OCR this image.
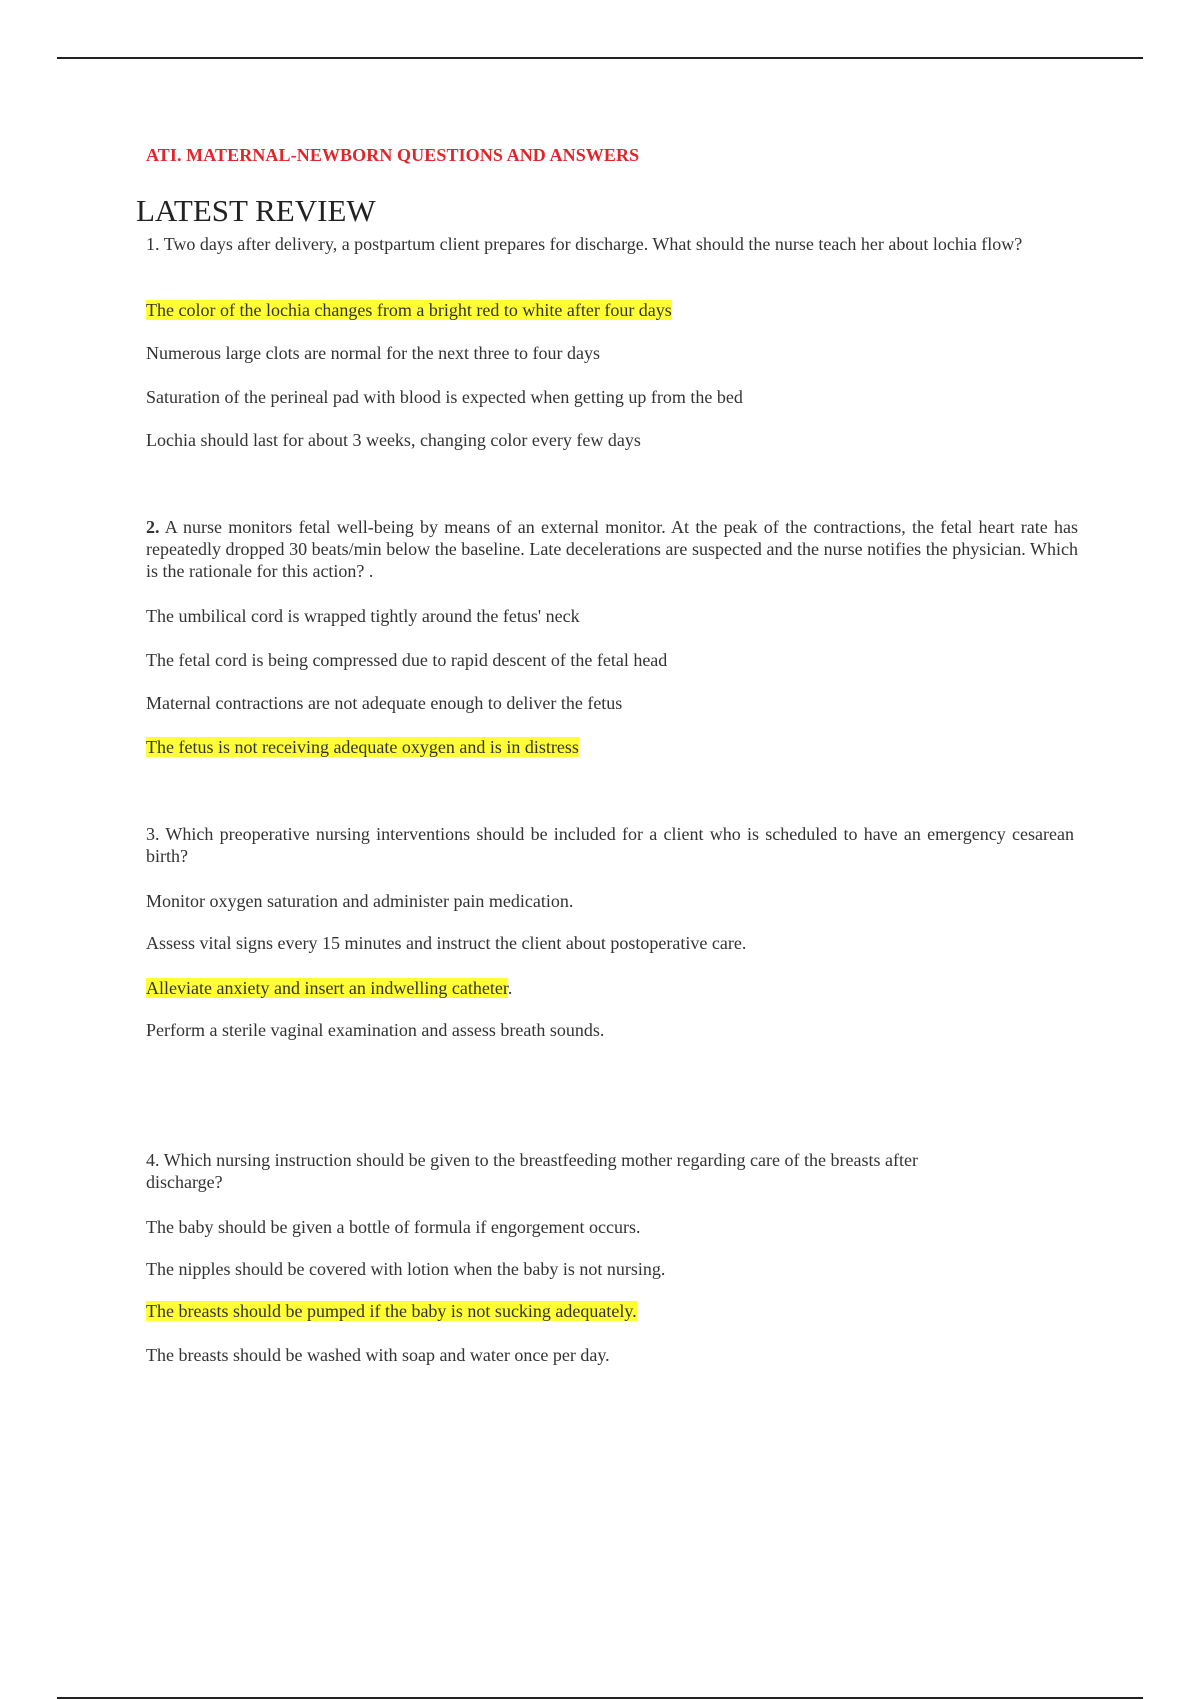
ATI. MATERNAL-NEWBORN QUESTIONS AND ANSWERS
LATEST REVIEW

1. Two days after delivery, a postpartum client prepares for discharge. What should the nurse teach her about lochia flow?

The color of the lochia changes from a bright red to white after four days
Numerous large clots are normal for the next three to four days
Saturation of the perineal pad with blood is expected when getting up from the bed
Lochia should last for about 3 weeks, changing color every few days

2. A nurse monitors fetal well-being by means of an external monitor. At the peak of the contractions, the fetal heart rate has repeatedly dropped 30 beats/min below the baseline. Late decelerations are suspected and the nurse notifies the physician. Which is the rationale for this action? .

The umbilical cord is wrapped tightly around the fetus' neck
The fetal cord is being compressed due to rapid descent of the fetal head
Maternal contractions are not adequate enough to deliver the fetus
The fetus is not receiving adequate oxygen and is in distress

3. Which preoperative nursing interventions should be included for a client who is scheduled to have an emergency cesarean birth?

Monitor oxygen saturation and administer pain medication.
Assess vital signs every 15 minutes and instruct the client about postoperative care.
Alleviate anxiety and insert an indwelling catheter.
Perform a sterile vaginal examination and assess breath sounds.

4. Which nursing instruction should be given to the breastfeeding mother regarding care of the breasts after discharge?

The baby should be given a bottle of formula if engorgement occurs.
The nipples should be covered with lotion when the baby is not nursing.
The breasts should be pumped if the baby is not sucking adequately.
The breasts should be washed with soap and water once per day.
